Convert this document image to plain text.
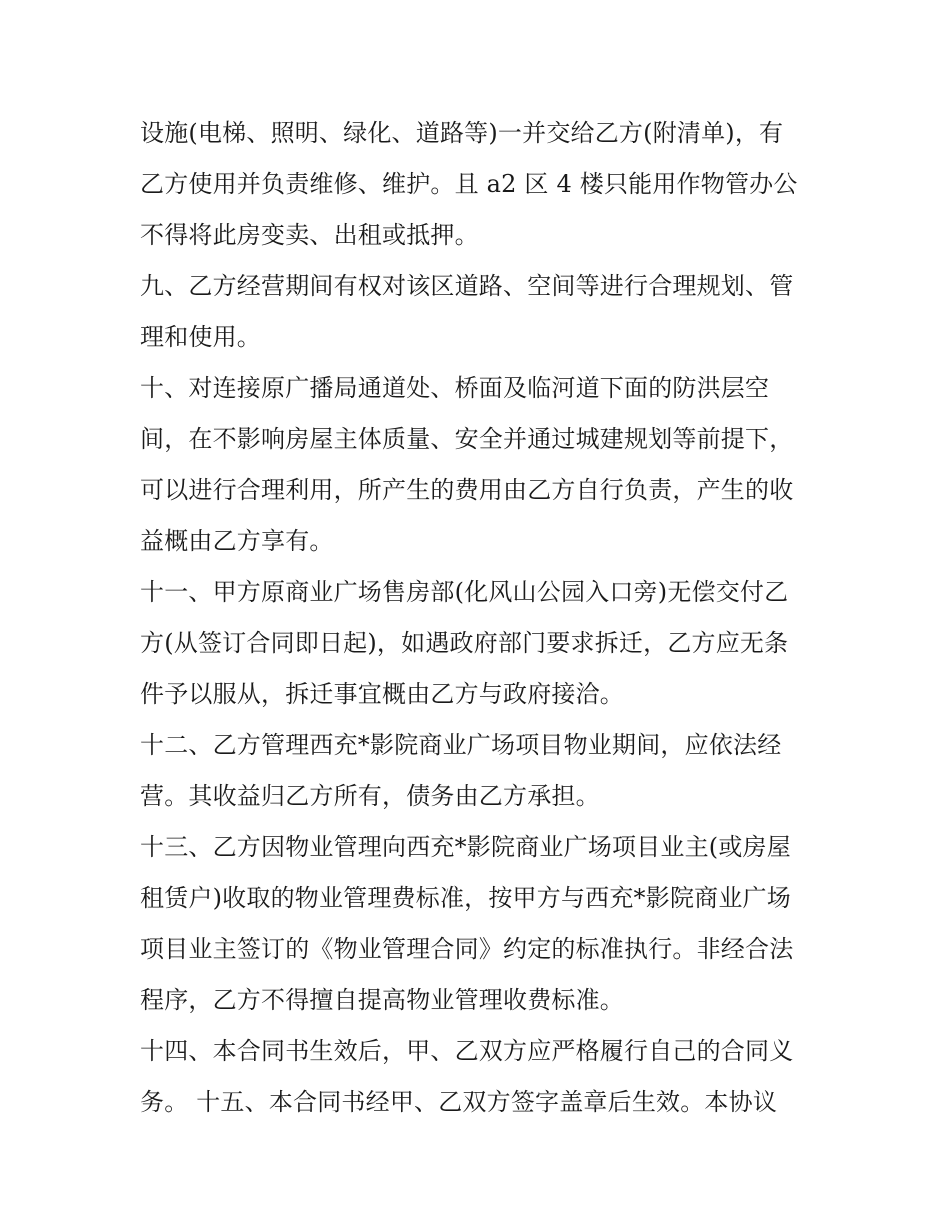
设施(电梯、照明、绿化、道路等)一并交给乙方(附清单)，有
乙方使用并负责维修、维护。且 a2 区 4 楼只能用作物管办公
不得将此房变卖、出租或抵押。
九、乙方经营期间有权对该区道路、空间等进行合理规划、管
理和使用。
十、对连接原广播局通道处、桥面及临河道下面的防洪层空
间，在不影响房屋主体质量、安全并通过城建规划等前提下，
可以进行合理利用，所产生的费用由乙方自行负责，产生的收
益概由乙方享有。
十一、甲方原商业广场售房部(化风山公园入口旁)无偿交付乙
方(从签订合同即日起)，如遇政府部门要求拆迁，乙方应无条
件予以服从，拆迁事宜概由乙方与政府接洽。
十二、乙方管理西充*影院商业广场项目物业期间，应依法经
营。其收益归乙方所有，债务由乙方承担。
十三、乙方因物业管理向西充*影院商业广场项目业主(或房屋
租赁户)收取的物业管理费标准，按甲方与西充*影院商业广场
项目业主签订的《物业管理合同》约定的标准执行。非经合法
程序，乙方不得擅自提高物业管理收费标准。
十四、本合同书生效后，甲、乙双方应严格履行自己的合同义
务。 十五、本合同书经甲、乙双方签字盖章后生效。本协议
